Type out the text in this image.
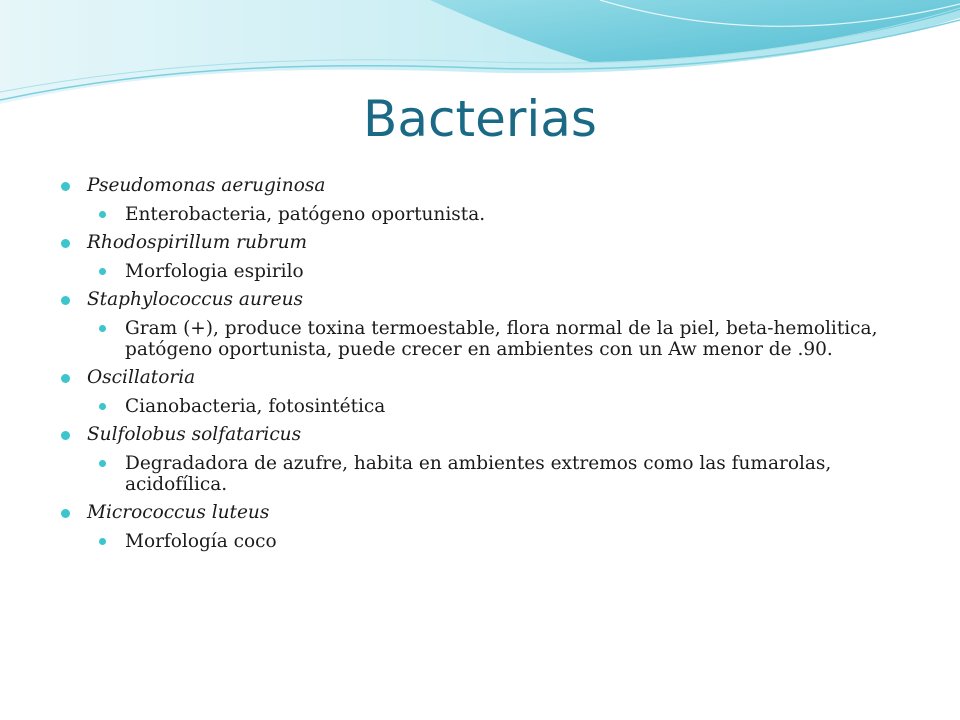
Bacterias
Pseudomonas aeruginosa
Enterobacteria, patógeno oportunista.
Rhodospirillum rubrum
Morfologia espirilo
Staphylococcus aureus
Gram (+), produce toxina termoestable, flora normal de la piel, beta-hemolitica, patógeno oportunista, puede crecer en ambientes con un Aw menor de .90.
Oscillatoria
Cianobacteria, fotosintética
Sulfolobus solfataricus
Degradadora de azufre, habita en ambientes extremos como las fumarolas, acidofílica.
Micrococcus luteus
Morfología coco
